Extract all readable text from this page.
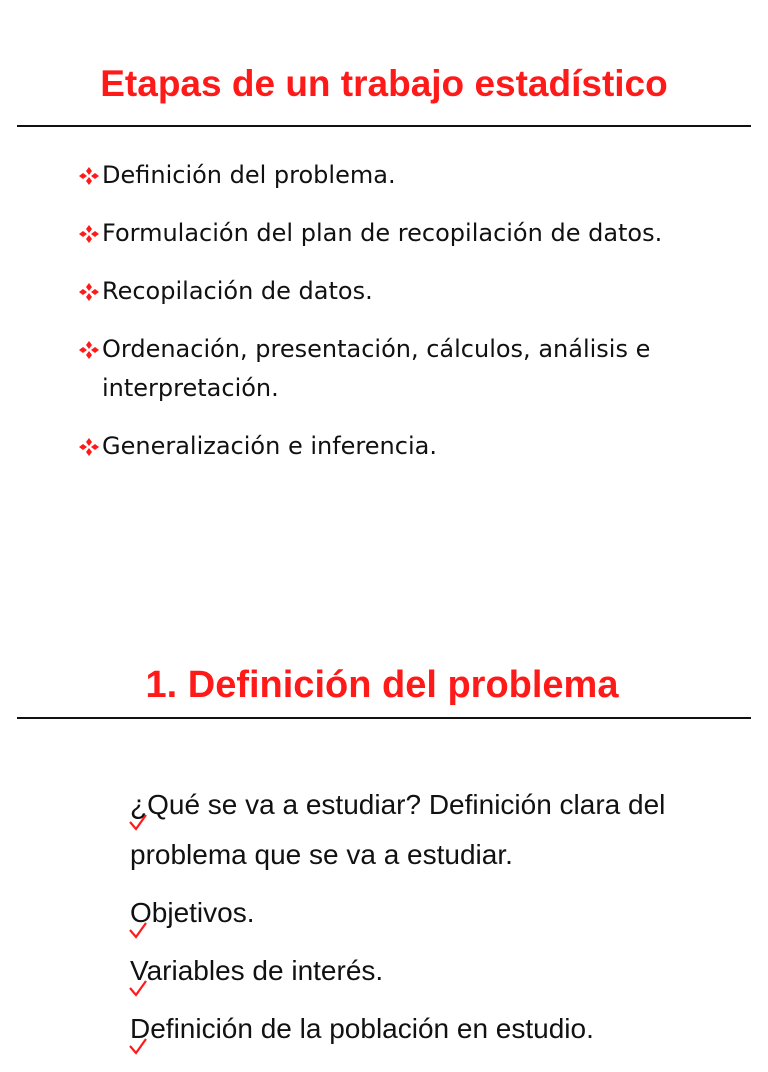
Etapas de un trabajo estadístico
Definición del problema.
Formulación del plan de recopilación de datos.
Recopilación de datos.
Ordenación, presentación, cálculos, análisis e interpretación.
Generalización e inferencia.
1. Definición del problema
¿Qué se va a estudiar? Definición clara del problema que se va a estudiar.
Objetivos.
Variables de interés.
Definición de la población en estudio.
